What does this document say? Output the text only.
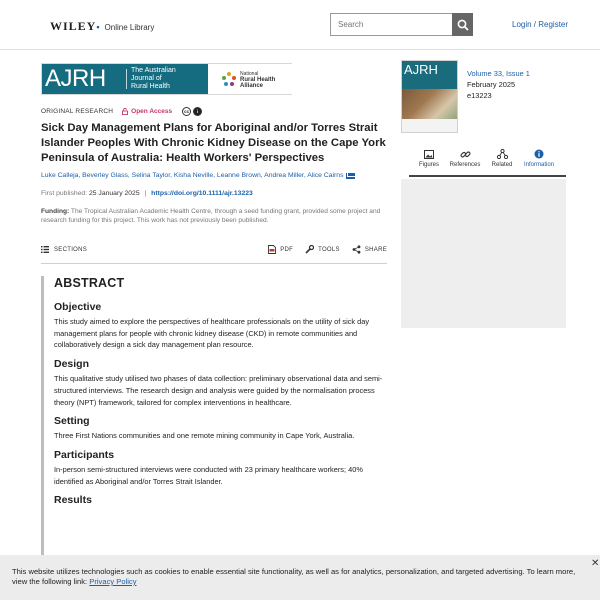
WILEY▪ Online Library
Search	Login / Register
AJRH	The Australian
Journal of
Rural Health
National
Rural Health
Alliance
ORIGINAL RESEARCH	Open Access	cc	i
Sick Day Management Plans for Aboriginal and/or Torres Strait Islander Peoples With Chronic Kidney Disease on the Cape York Peninsula of Australia: Health Workers' Perspectives
Luke Calleja, Beverley Glass, Selina Taylor, Kisha Neville, Leanne Brown, Andrea Miller, Alice Cairns
First published: 25 January 2025 | https://doi.org/10.1111/ajr.13223
Funding: The Tropical Australian Academic Health Centre, through a seed funding grant, provided some project and research funding for this project. This work has not previously been published.
SECTIONS	PDF	TOOLS	SHARE
ABSTRACT
Objective

This study aimed to explore the perspectives of healthcare professionals on the utility of sick day management plans for people with chronic kidney disease (CKD) in remote communities and collaboratively design a sick day management plan resource.

Design

This qualitative study utilised two phases of data collection: preliminary observational data and semi-structured interviews. The research design and analysis were guided by the normalisation process theory (NPT) framework, tailored for complex interventions in healthcare.

Setting

Three First Nations communities and one remote mining community in Cape York, Australia.

Participants

In-person semi-structured interviews were conducted with 23 primary healthcare workers; 40% identified as Aboriginal and/or Torres Strait Islander.

Results
AJRH	Volume 33, Issue 1
February 2025
e13223
Figures	References	Related	Information
This website utilizes technologies such as cookies to enable essential site functionality, as well as for analytics, personalization, and targeted advertising. To learn more, view the following link: Privacy Policy
✕
